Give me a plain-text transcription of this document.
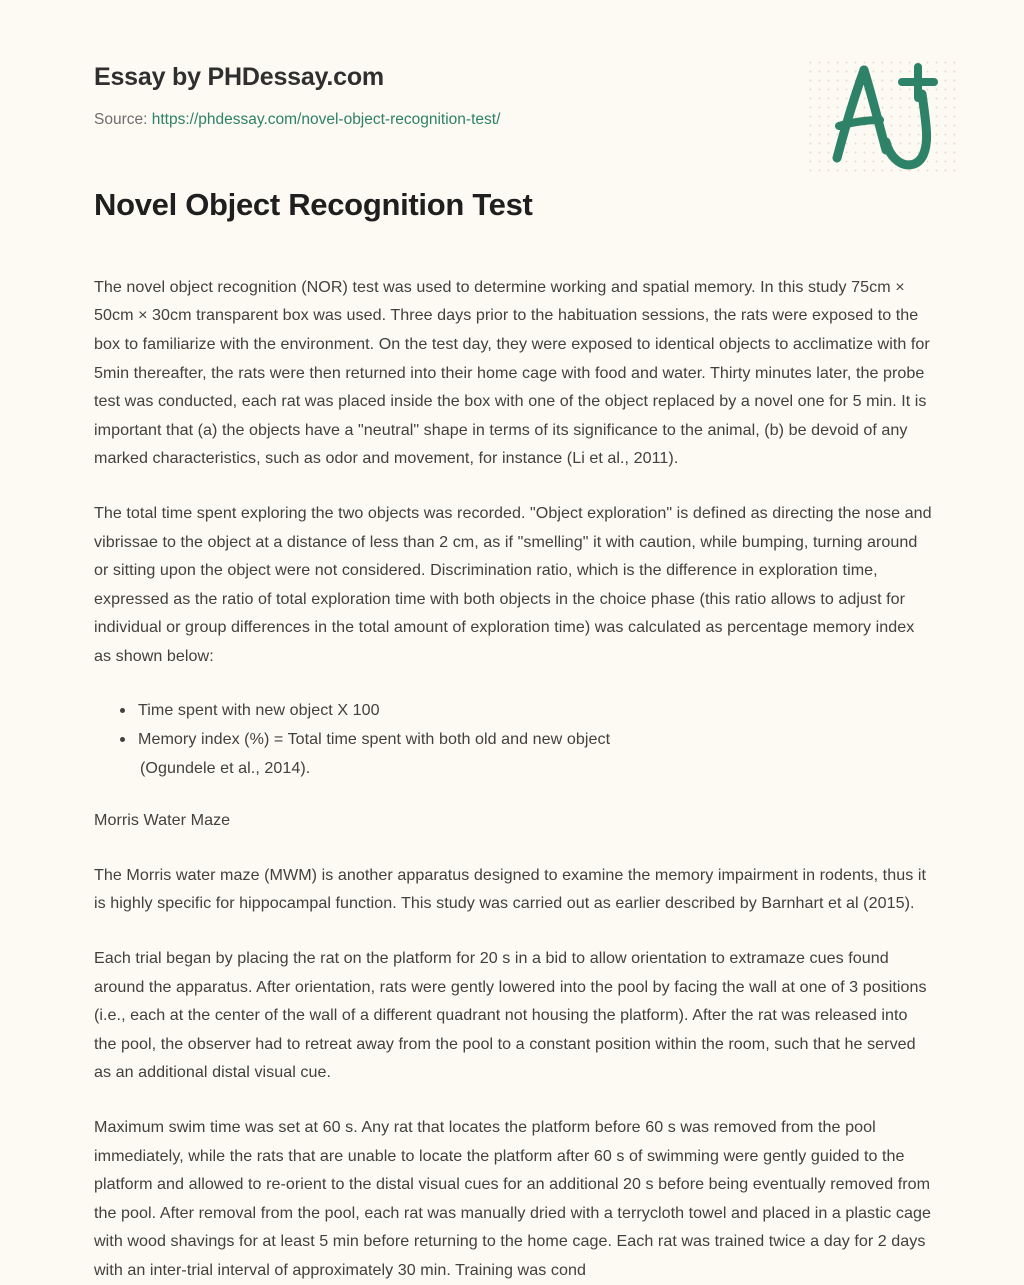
Essay by PHDessay.com
Source: https://phdessay.com/novel-object-recognition-test/
Novel Object Recognition Test

The novel object recognition (NOR) test was used to determine working and spatial memory. In this study 75cm × 50cm × 30cm transparent box was used. Three days prior to the habituation sessions, the rats were exposed to the box to familiarize with the environment. On the test day, they were exposed to identical objects to acclimatize with for 5min thereafter, the rats were then returned into their home cage with food and water. Thirty minutes later, the probe test was conducted, each rat was placed inside the box with one of the object replaced by a novel one for 5 min. It is important that (a) the objects have a "neutral" shape in terms of its significance to the animal, (b) be devoid of any marked characteristics, such as odor and movement, for instance (Li et al., 2011).

The total time spent exploring the two objects was recorded. "Object exploration" is defined as directing the nose and vibrissae to the object at a distance of less than 2 cm, as if "smelling" it with caution, while bumping, turning around or sitting upon the object were not considered. Discrimination ratio, which is the difference in exploration time, expressed as the ratio of total exploration time with both objects in the choice phase (this ratio allows to adjust for individual or group differences in the total amount of exploration time) was calculated as percentage memory index as shown below:

Time spent with new object X 100
Memory index (%) = Total time spent with both old and new object
(Ogundele et al., 2014).

Morris Water Maze

The Morris water maze (MWM) is another apparatus designed to examine the memory impairment in rodents, thus it is highly specific for hippocampal function. This study was carried out as earlier described by Barnhart et al (2015).

Each trial began by placing the rat on the platform for 20 s in a bid to allow orientation to extramaze cues found around the apparatus. After orientation, rats were gently lowered into the pool by facing the wall at one of 3 positions (i.e., each at the center of the wall of a different quadrant not housing the platform). After the rat was released into the pool, the observer had to retreat away from the pool to a constant position within the room, such that he served as an additional distal visual cue.

Maximum swim time was set at 60 s. Any rat that locates the platform before 60 s was removed from the pool immediately, while the rats that are unable to locate the platform after 60 s of swimming were gently guided to the platform and allowed to re-orient to the distal visual cues for an additional 20 s before being eventually removed from the pool. After removal from the pool, each rat was manually dried with a terrycloth towel and placed in a plastic cage with wood shavings for at least 5 min before returning to the home cage. Each rat was trained twice a day for 2 days with an inter-trial interval of approximately 30 min. Training was cond
